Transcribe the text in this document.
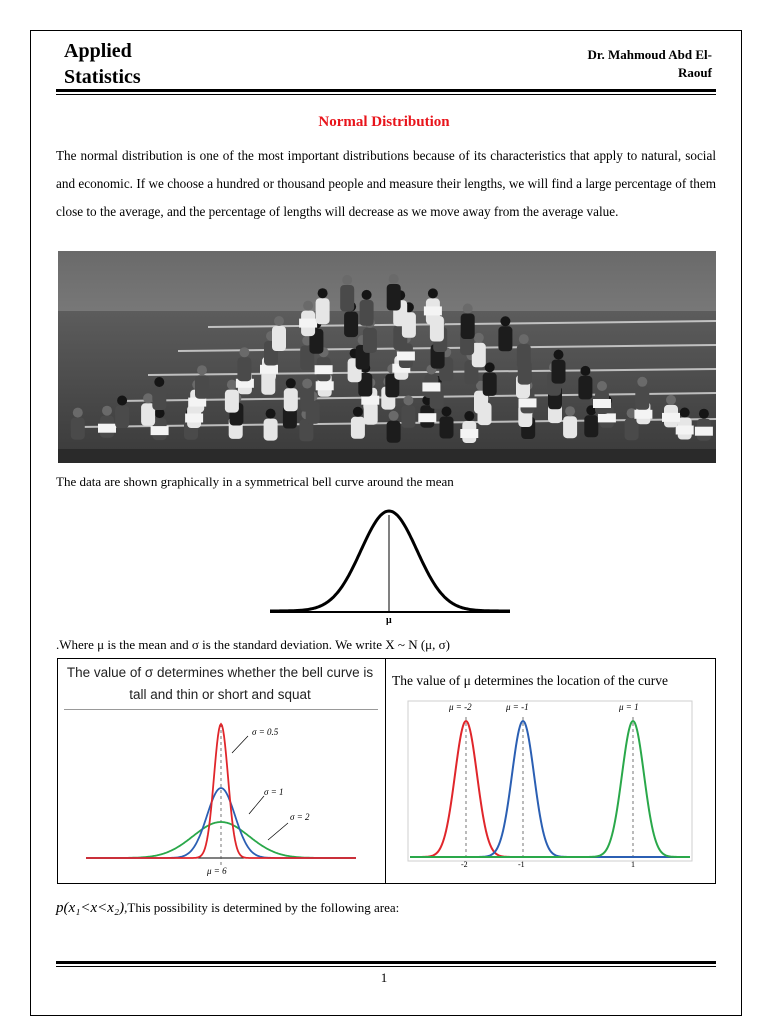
Applied
Statistics
Dr. Mahmoud Abd El-
Raouf
Normal Distribution
The normal distribution is one of the most important distributions because of its characteristics that apply to natural, social and economic. If we choose a hundred or thousand people and measure their lengths, we will find a large percentage of them close to the average, and the percentage of lengths will decrease as we move away from the average value.
The data are shown graphically in a symmetrical bell curve around the mean
μ
.Where μ is the mean and σ is the standard deviation. We write X ~ N (μ, σ)
The value of σ determines whether the bell curve is tall and thin or short and squat
The value of μ determines the location of the curve
σ = 0.5
σ = 1
σ = 2
μ = 6
μ = -2	μ = -1	μ = 1
-2	-1	1
p(x₁<x<x₂),This possibility is determined by the following area:
1
